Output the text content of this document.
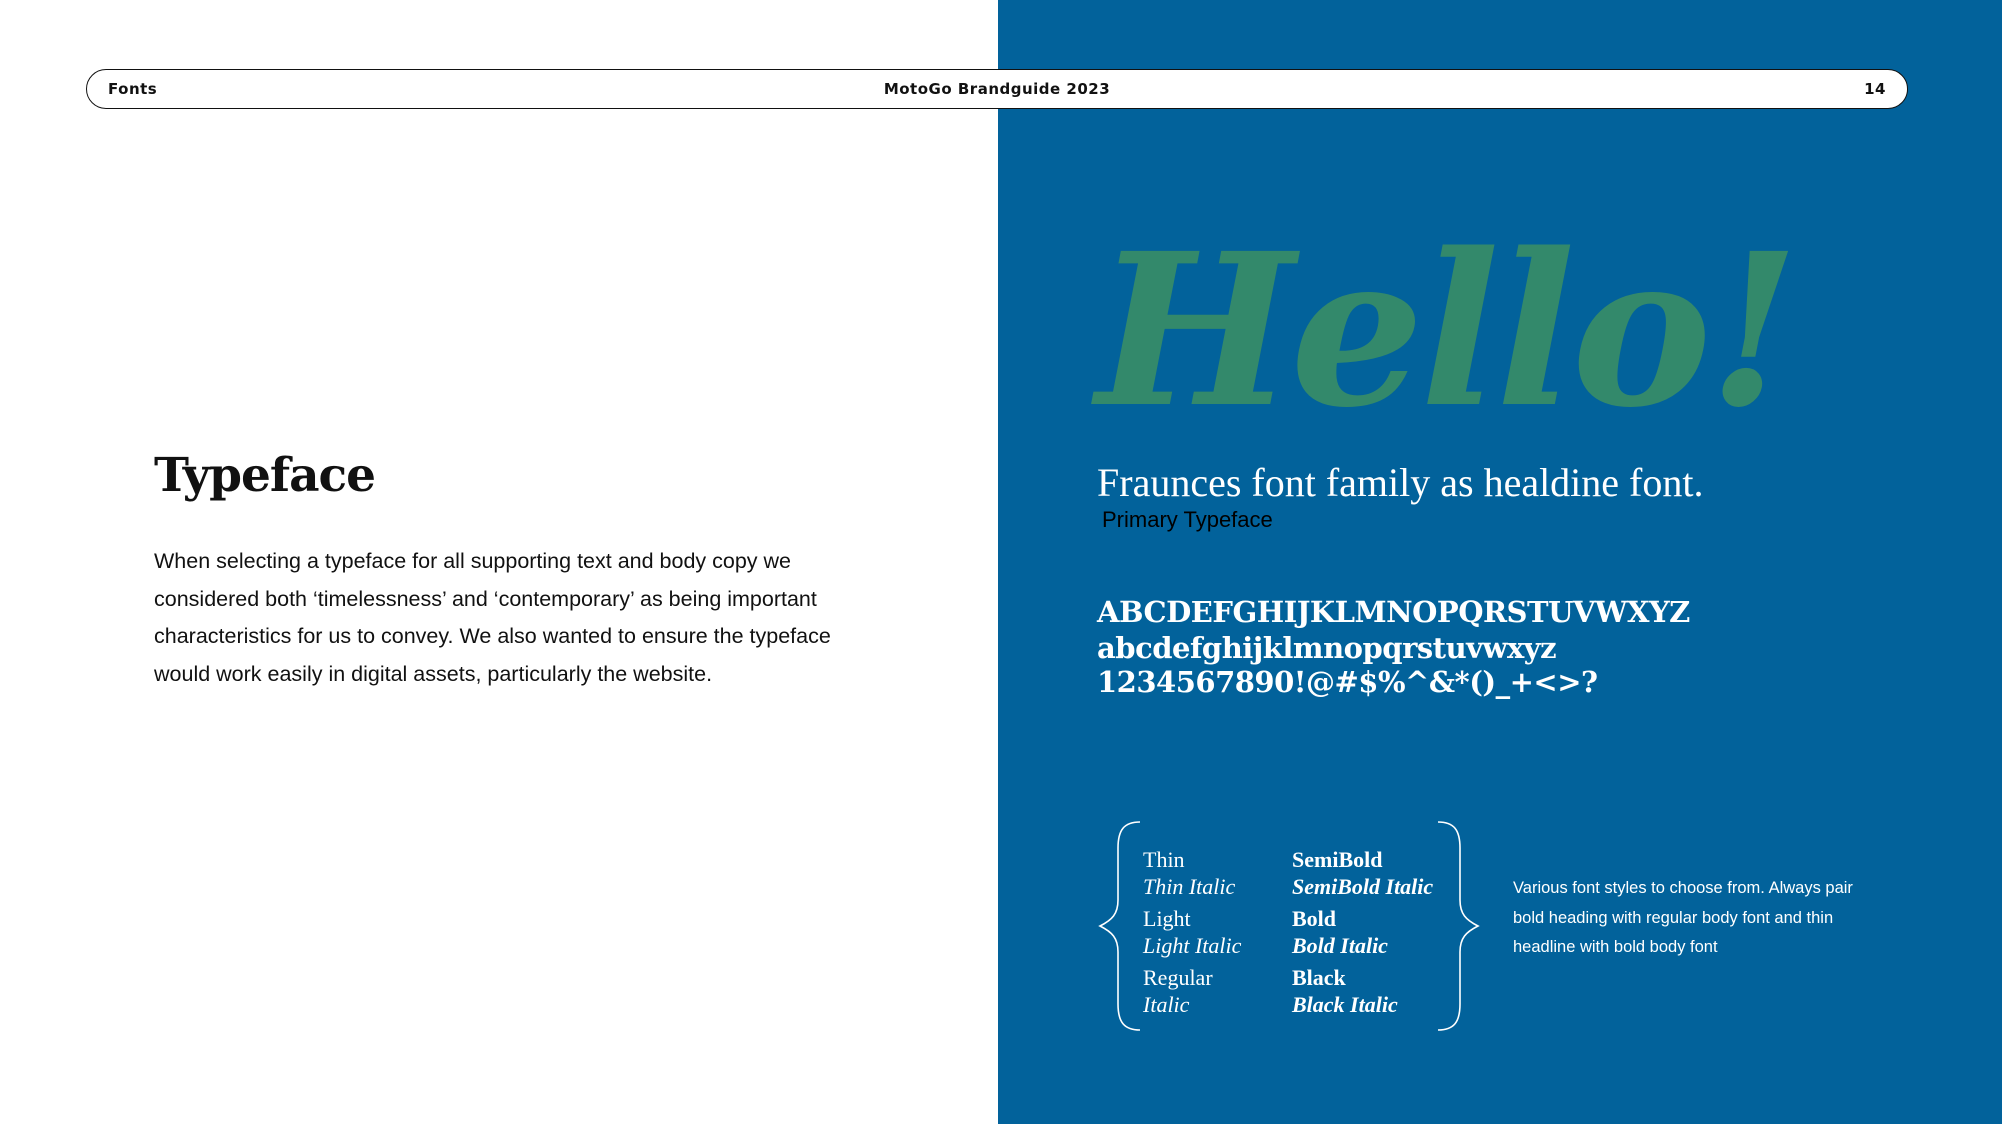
Fonts	MotoGo Brandguide 2023	14
Typeface

When selecting a typeface for all supporting text and body copy we considered both ‘timelessness’ and ‘contemporary’ as being important characteristics for us to convey. We also wanted to ensure the typeface would work easily in digital assets, particularly the website.

Hello!

Fraunces font family as healdine font.

Primary Typeface

ABCDEFGHIJKLMNOPQRSTUVWXYZ

abcdefghijklmnopqrstuvwxyz

1234567890!@#$%^&*()_+<>?

Thin
Thin Italic
Light
Light Italic
Regular
Italic
SemiBold
SemiBold Italic
Bold
Bold Italic
Black
Black Italic

Various font styles to choose from. Always pair bold heading with regular body font and thin headline with bold body font
